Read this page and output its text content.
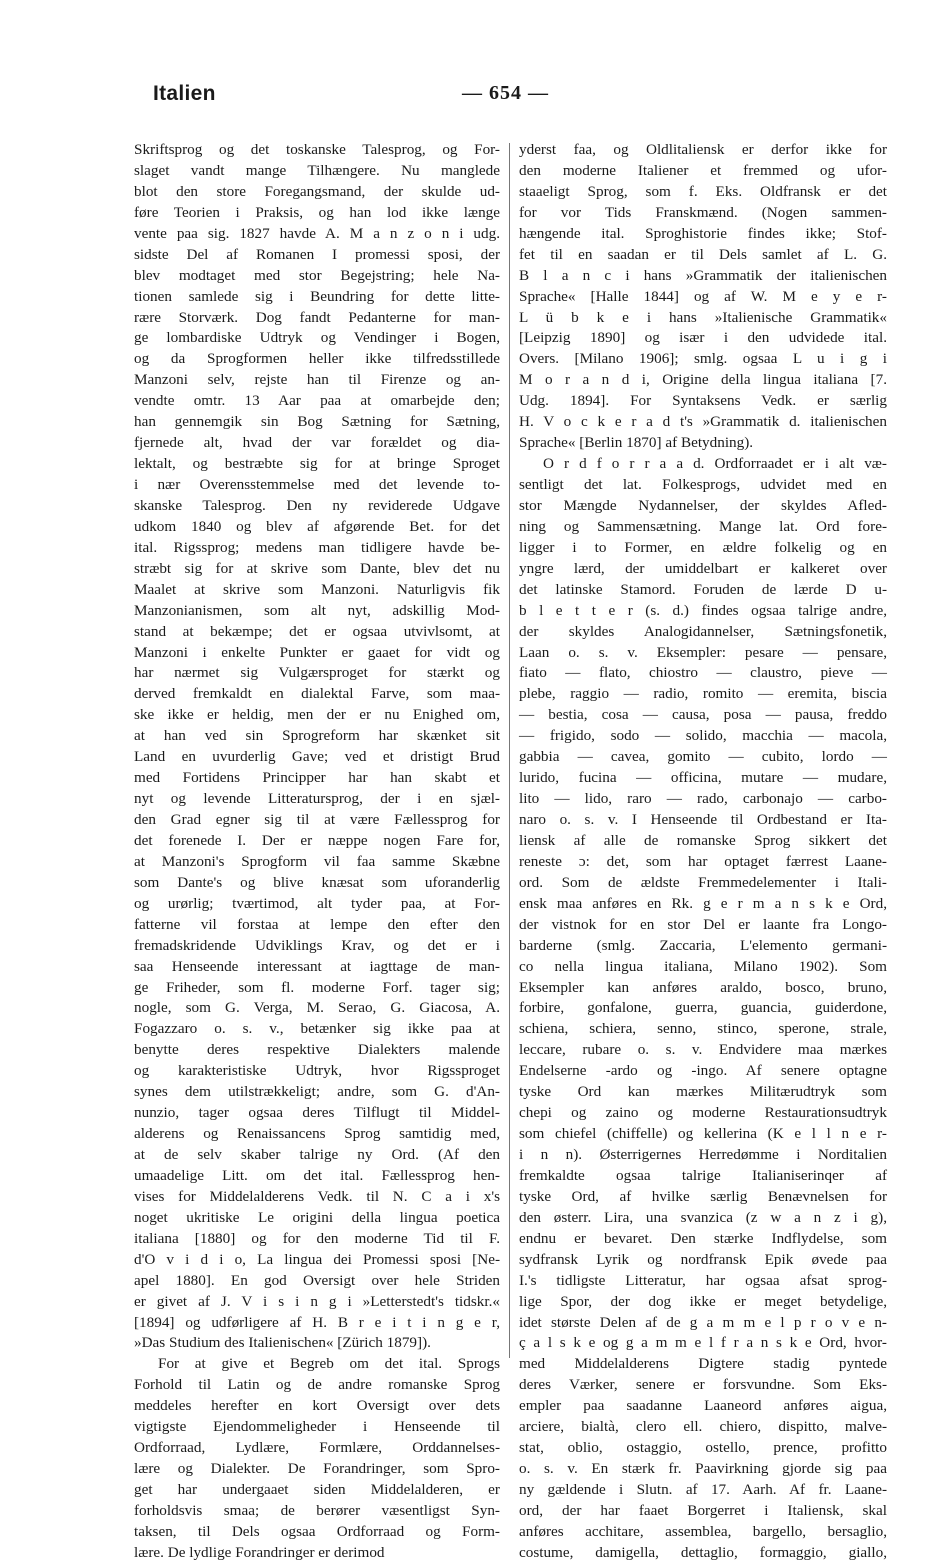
Italien	— 654 —
Skriftsprog og det toskanske Talesprog, og For-
slaget vandt mange Tilhængere. Nu manglede
blot den store Foregangsmand, der skulde ud-
føre Teorien i Praksis, og han lod ikke længe
vente paa sig. 1827 havde A. M a n z o n i udg.
sidste Del af Romanen I promessi sposi, der
blev modtaget med stor Begejstring; hele Na-
tionen samlede sig i Beundring for dette litte-
rære Storværk. Dog fandt Pedanterne for man-
ge lombardiske Udtryk og Vendinger i Bogen,
og da Sprogformen heller ikke tilfredsstillede
Manzoni selv, rejste han til Firenze og an-
vendte omtr. 13 Aar paa at omarbejde den;
han gennemgik sin Bog Sætning for Sætning,
fjernede alt, hvad der var forældet og dia-
lektalt, og bestræbte sig for at bringe Sproget
i nær Overensstemmelse med det levende to-
skanske Talesprog. Den ny reviderede Udgave
udkom 1840 og blev af afgørende Bet. for det
ital. Rigssprog; medens man tidligere havde be-
stræbt sig for at skrive som Dante, blev det nu
Maalet at skrive som Manzoni. Naturligvis fik
Manzonianismen, som alt nyt, adskillig Mod-
stand at bekæmpe; det er ogsaa utvivlsomt, at
Manzoni i enkelte Punkter er gaaet for vidt og
har nærmet sig Vulgærsproget for stærkt og
derved fremkaldt en dialektal Farve, som maa-
ske ikke er heldig, men der er nu Enighed om,
at han ved sin Sprogreform har skænket sit
Land en uvurderlig Gave; ved et dristigt Brud
med Fortidens Principper har han skabt et
nyt og levende Litteratursprog, der i en sjæl-
den Grad egner sig til at være Fællessprog for
det forenede I. Der er næppe nogen Fare for,
at Manzoni's Sprogform vil faa samme Skæbne
som Dante's og blive knæsat som uforanderlig
og urørlig; tværtimod, alt tyder paa, at For-
fatterne vil forstaa at lempe den efter den
fremadskridende Udviklings Krav, og det er i
saa Henseende interessant at iagttage de man-
ge Friheder, som fl. moderne Forf. tager sig;
nogle, som G. Verga, M. Serao, G. Giacosa, A.
Fogazzaro o. s. v., betænker sig ikke paa at
benytte deres respektive Dialekters malende
og karakteristiske Udtryk, hvor Rigssproget
synes dem utilstrækkeligt; andre, som G. d'An-
nunzio, tager ogsaa deres Tilflugt til Middel-
alderens og Renaissancens Sprog samtidig med,
at de selv skaber talrige ny Ord. (Af den
umaadelige Litt. om det ital. Fællessprog hen-
vises for Middelalderens Vedk. til N. C a i x's
noget ukritiske Le origini della lingua poetica
italiana [1880] og for den moderne Tid til F.
d'O v i d i o, La lingua dei Promessi sposi [Ne-
apel 1880]. En god Oversigt over hele Striden
er givet af J. V i s i n g i »Letterstedt's tidskr.«
[1894] og udførligere af H. B r e i t i n g e r,
»Das Studium des Italienischen« [Zürich 1879]).
For at give et Begreb om det ital. Sprogs
Forhold til Latin og de andre romanske Sprog
meddeles herefter en kort Oversigt over dets
vigtigste Ejendommeligheder i Henseende til
Ordforraad, Lydlære, Formlære, Orddannelses-
lære og Dialekter. De Forandringer, som Spro-
get har undergaaet siden Middelalderen, er
forholdsvis smaa; de berører væsentligst Syn-
taksen, til Dels ogsaa Ordforraad og Form-
lære. De lydlige Forandringer er derimod
yderst faa, og Oldlitaliensk er derfor ikke for
den moderne Italiener et fremmed og ufor-
staaeligt Sprog, som f. Eks. Oldfransk er det
for vor Tids Franskmænd. (Nogen sammen-
hængende ital. Sproghistorie findes ikke; Stof-
fet til en saadan er til Dels samlet af L. G.
B l a n c i hans »Grammatik der italienischen
Sprache« [Halle 1844] og af W. M e y e r-
L ü b k e i hans »Italienische Grammatik«
[Leipzig 1890] og især i den udvidede ital.
Overs. [Milano 1906]; smlg. ogsaa L u i g i
M o r a n d i, Origine della lingua italiana [7.
Udg. 1894]. For Syntaksens Vedk. er særlig
H. V o c k e r a d t's »Grammatik d. italienischen
Sprache« [Berlin 1870] af Betydning).
O r d f o r r a a d. Ordforraadet er i alt væ-
sentligt det lat. Folkesprogs, udvidet med en
stor Mængde Nydannelser, der skyldes Afled-
ning og Sammensætning. Mange lat. Ord fore-
ligger i to Former, en ældre folkelig og en
yngre lærd, der umiddelbart er kalkeret over
det latinske Stamord. Foruden de lærde D u-
b l e t t e r (s. d.) findes ogsaa talrige andre,
der skyldes Analogidannelser, Sætningsfonetik,
Laan o. s. v. Eksempler: pesare — pensare,
fiato — flato, chiostro — claustro, pieve —
plebe, raggio — radio, romito — eremita, biscia
— bestia, cosa — causa, posa — pausa, freddo
— frigido, sodo — solido, macchia — macola,
gabbia — cavea, gomito — cubito, lordo —
lurido, fucina — officina, mutare — mudare,
lito — lido, raro — rado, carbonajo — carbo-
naro o. s. v. I Henseende til Ordbestand er Ita-
liensk af alle de romanske Sprog sikkert det
reneste ɔ: det, som har optaget færrest Laane-
ord. Som de ældste Fremmedelementer i Itali-
ensk maa anføres en Rk. g e r m a n s k e Ord,
der vistnok for en stor Del er laante fra Longo-
barderne (smlg. Zaccaria, L'elemento germani-
co nella lingua italiana, Milano 1902). Som
Eksempler kan anføres araldo, bosco, bruno,
forbire, gonfalone, guerra, guancia, guiderdone,
schiena, schiera, senno, stinco, sperone, strale,
leccare, rubare o. s. v. Endvidere maa mærkes
Endelserne -ardo og -ingo. Af senere optagne
tyske Ord kan mærkes Militærudtryk som
chepi og zaino og moderne Restaurationsudtryk
som chiefel (chiffelle) og kellerina (K e l l n e r-
i n n). Østerrigernes Herredømme i Norditalien
fremkaldte ogsaa talrige Italianiserinqer af
tyske Ord, af hvilke særlig Benævnelsen for
den østerr. Lira, una svanzica (z w a n z i g),
endnu er bevaret. Den stærke Indflydelse, som
sydfransk Lyrik og nordfransk Epik øvede paa
I.'s tidligste Litteratur, har ogsaa afsat sprog-
lige Spor, der dog ikke er meget betydelige,
idet største Delen af de g a m m e l p r o v e n-
ç a l s k e og g a m m e l f r a n s k e Ord, hvor-
med Middelalderens Digtere stadig pyntede
deres Værker, senere er forsvundne. Som Eks-
empler paa saadanne Laaneord anføres aigua,
arciere, bialtà, clero ell. chiero, dispitto, malve-
stat, oblio, ostaggio, ostello, prence, profitto
o. s. v. En stærk fr. Paavirkning gjorde sig paa
ny gældende i Slutn. af 17. Aarh. Af fr. Laane-
ord, der har faaet Borgerret i Italiensk, skal
anføres acchitare, assemblea, bargello, bersaglio,
costume, damigella, dettaglio, formaggio, giallo,
